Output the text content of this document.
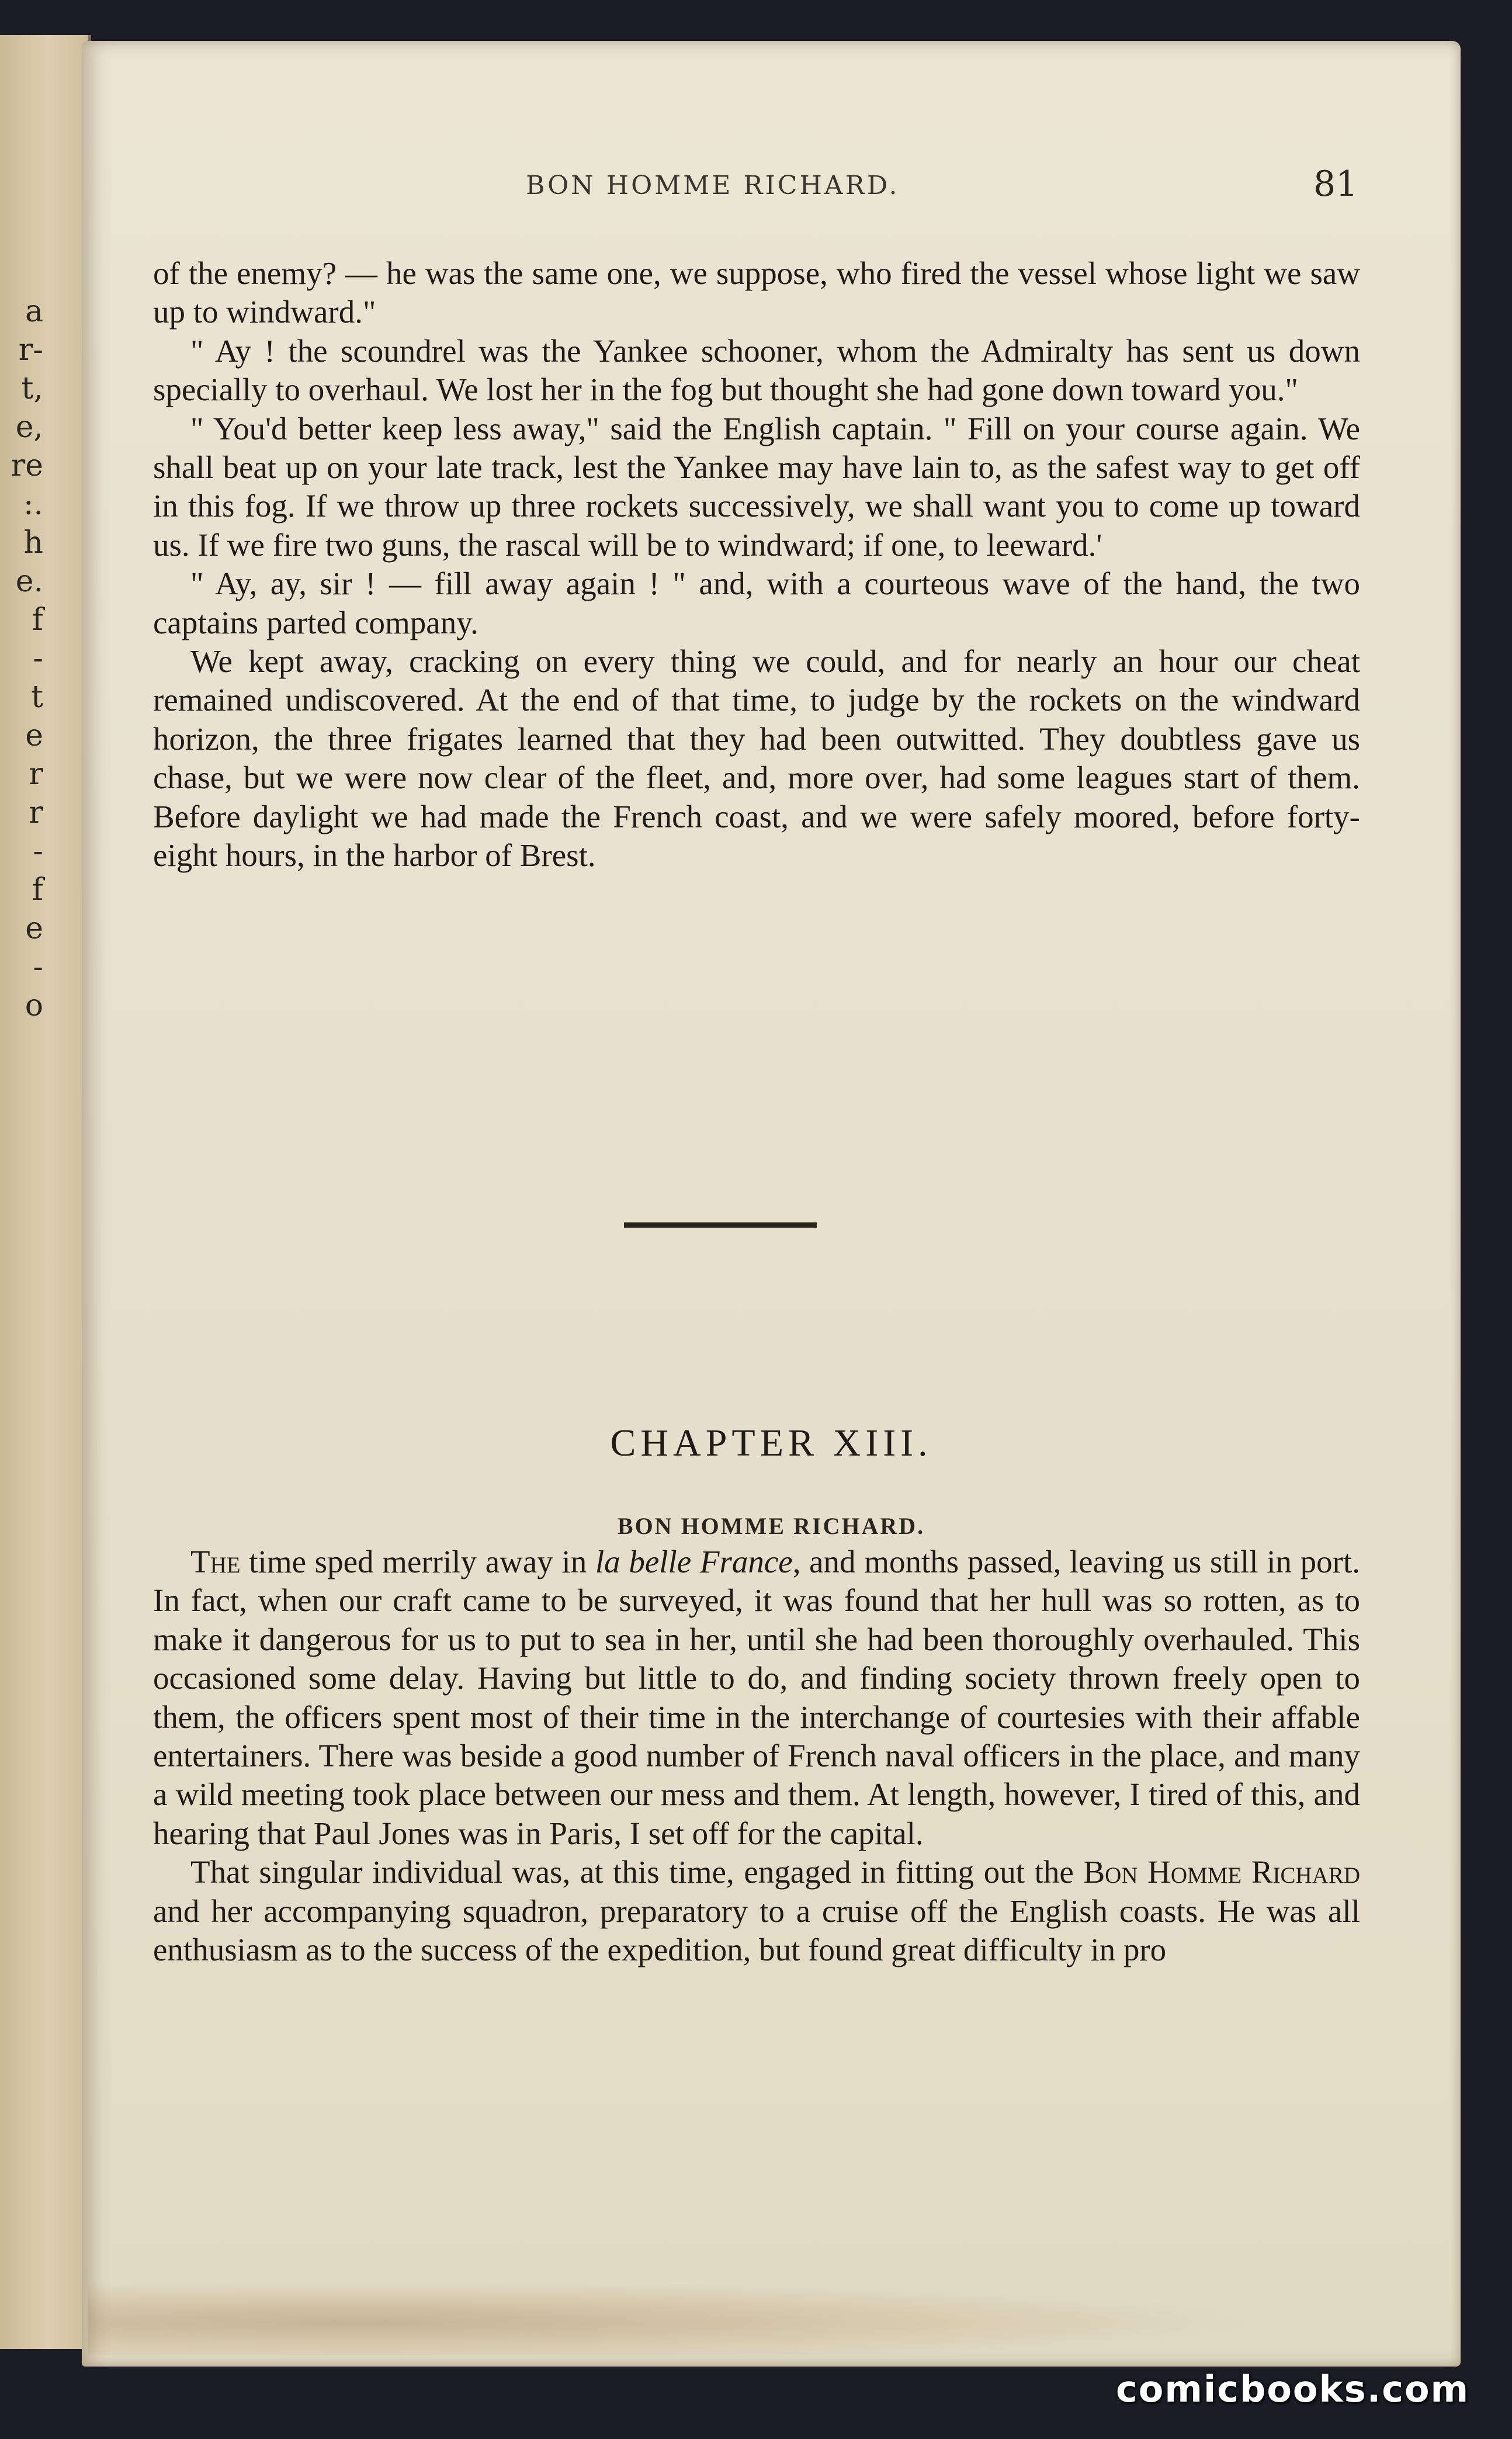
a
r-
t,
e,
re
:.
h
e.
f
-
t
e
r
r
-
f
e
-
o
BON HOMME RICHARD.	81

of the enemy? — he was the same one, we suppose, who fired the vessel whose light we saw up to windward."

" Ay ! the scoundrel was the Yankee schooner, whom the Admiralty has sent us down specially to overhaul. We lost her in the fog but thought she had gone down toward you."

" You'd better keep less away," said the English captain. " Fill on your course again. We shall beat up on your late track, lest the Yankee may have lain to, as the safest way to get off in this fog. If we throw up three rockets successively, we shall want you to come up toward us. If we fire two guns, the rascal will be to windward; if one, to leeward.'

" Ay, ay, sir ! — fill away again ! " and, with a courteous wave of the hand, the two captains parted company.

We kept away, cracking on every thing we could, and for nearly an hour our cheat remained undiscovered. At the end of that time, to judge by the rockets on the windward horizon, the three frigates learned that they had been outwitted. They doubtless gave us chase, but we were now clear of the fleet, and, more over, had some leagues start of them. Before daylight we had made the French coast, and we were safely moored, before forty-eight hours, in the harbor of Brest.

CHAPTER XIII.
BON HOMME RICHARD.

The time sped merrily away in la belle France, and months passed, leaving us still in port. In fact, when our craft came to be surveyed, it was found that her hull was so rotten, as to make it dangerous for us to put to sea in her, until she had been thoroughly overhauled. This occasioned some delay. Having but little to do, and finding society thrown freely open to them, the officers spent most of their time in the interchange of courtesies with their affable entertainers. There was beside a good number of French naval officers in the place, and many a wild meeting took place between our mess and them. At length, however, I tired of this, and hearing that Paul Jones was in Paris, I set off for the capital.

That singular individual was, at this time, engaged in fitting out the Bon Homme Richard and her accompanying squadron, preparatory to a cruise off the English coasts. He was all enthusiasm as to the success of the expedition, but found great difficulty in pro

comicbooks.com
